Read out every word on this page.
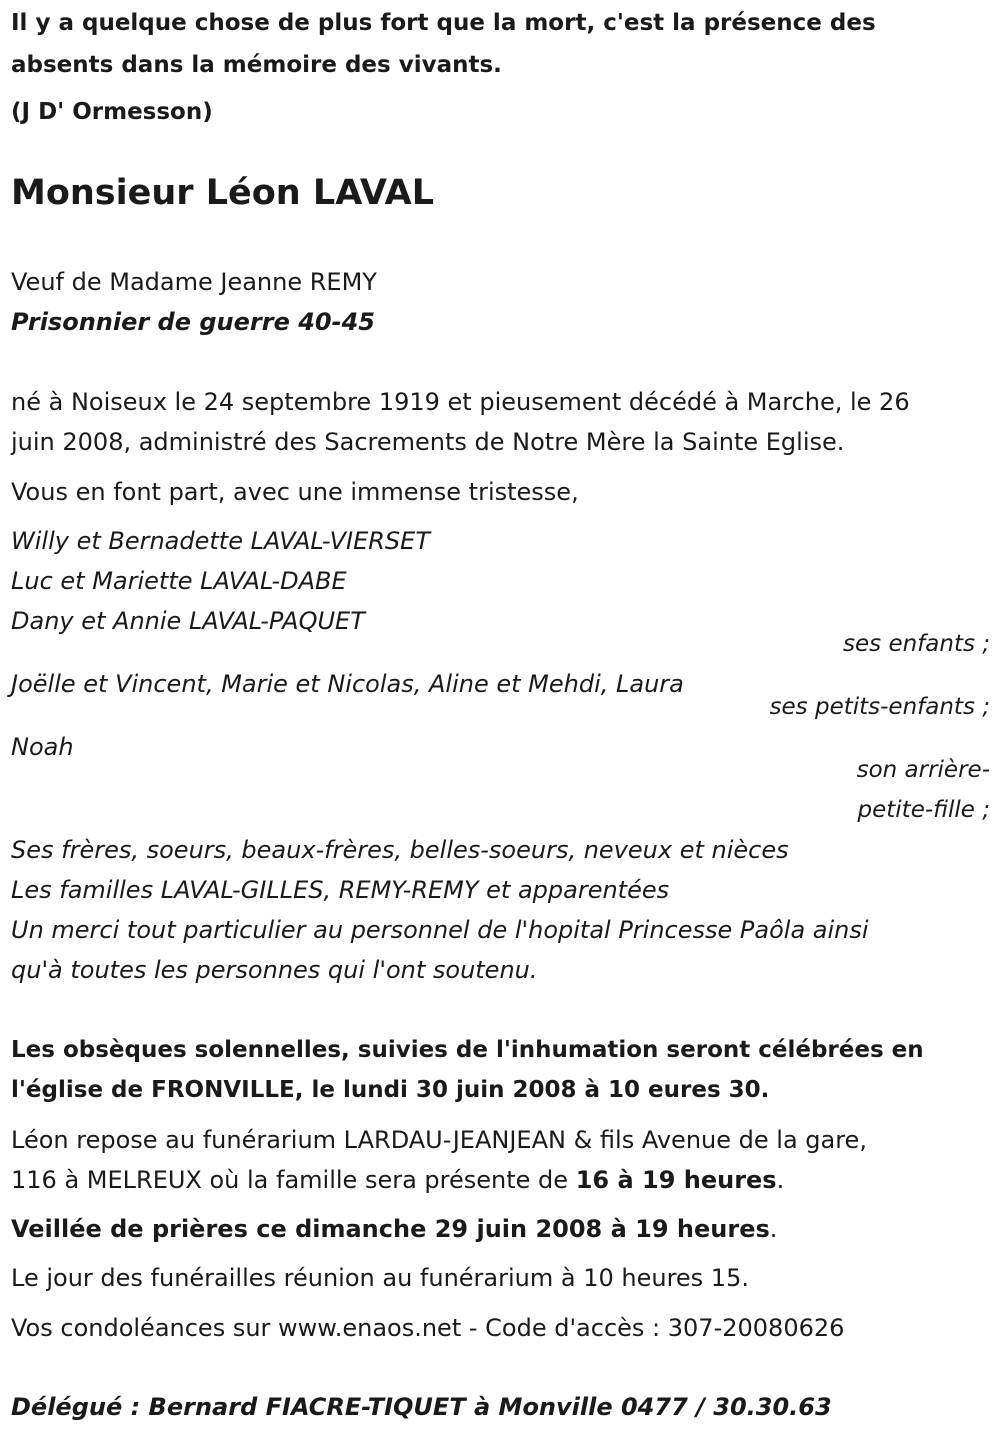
Il y a quelque chose de plus fort que la mort, c'est la présence des
absents dans la mémoire des vivants.
(J D' Ormesson)
Monsieur Léon LAVAL
Veuf de Madame Jeanne REMY
Prisonnier de guerre 40-45
né à Noiseux le 24 septembre 1919 et pieusement décédé à Marche, le 26
juin 2008, administré des Sacrements de Notre Mère la Sainte Eglise.
Vous en font part, avec une immense tristesse,
Willy et Bernadette LAVAL-VIERSET
Luc et Mariette LAVAL-DABE
Dany et Annie LAVAL-PAQUET
ses enfants ;
Joëlle et Vincent, Marie et Nicolas, Aline et Mehdi, Laura
ses petits-enfants ;
Noah
son arrière-
petite-fille ;
Ses frères, soeurs, beaux-frères, belles-soeurs, neveux et nièces
Les familles LAVAL-GILLES, REMY-REMY et apparentées
Un merci tout particulier au personnel de l'hopital Princesse Paôla ainsi
qu'à toutes les personnes qui l'ont soutenu.
Les obsèques solennelles, suivies de l'inhumation seront célébrées en
l'église de FRONVILLE, le lundi 30 juin 2008 à 10 eures 30.
Léon repose au funérarium LARDAU-JEANJEAN & fils Avenue de la gare,
116 à MELREUX où la famille sera présente de 16 à 19 heures.
Veillée de prières ce dimanche 29 juin 2008 à 19 heures.
Le jour des funérailles réunion au funérarium à 10 heures 15.
Vos condoléances sur www.enaos.net - Code d'accès : 307-20080626
Délégué : Bernard FIACRE-TIQUET à Monville 0477 / 30.30.63
